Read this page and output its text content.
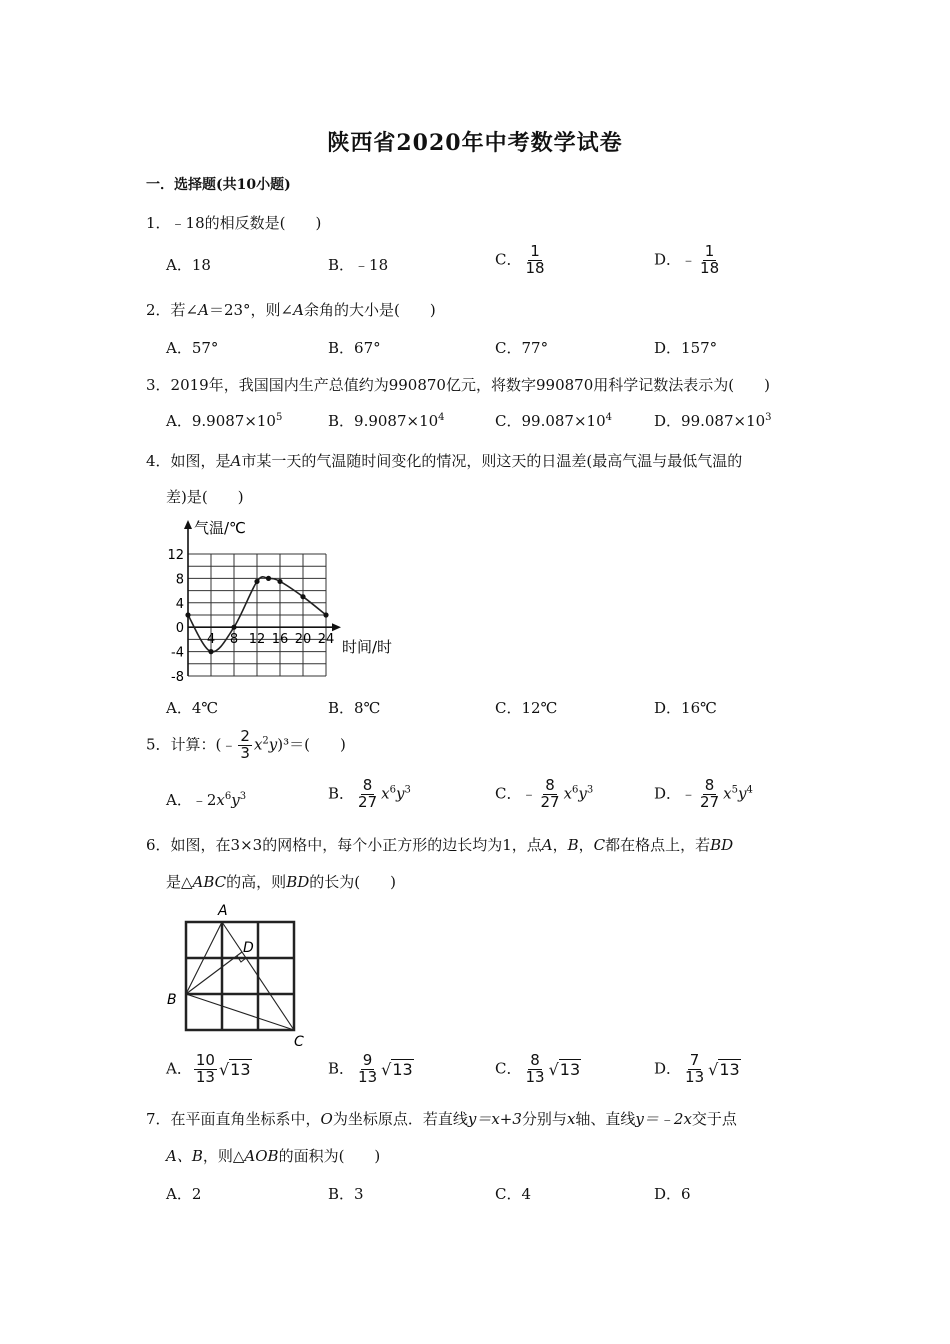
陕西省2020年中考数学试卷
一．选择题(共10小题)
1．﹣18的相反数是(　　)
A．18	B．﹣18	C． $\frac{1}{18}$	D．﹣ $\frac{1}{18}$
2．若∠A＝23°，则∠A余角的大小是(　　)
A．57°	B．67°	C．77°	D．157°
3．2019年，我国国内生产总值约为990870亿元，将数字990870用科学记数法表示为(　　)
A．$9.9087\times 10^5$	B．$9.9087\times 10^4$	C．$99.087\times 10^4$	D．$99.087\times 10^3$
4．如图，是A市某一天的气温随时间变化的情况，则这天的日温差(最高气温与最低气温的
差)是(　　)
气温/℃
时间/时
12
8
4
0
-4
-8
4 8 12 16 20 24
A．4℃	B．8℃	C．12℃	D．16℃
5．计算：(﹣ $\frac{2}{3} x^2y)^3=$(　　)
A．$﹣2x^6y^3$	B． $\frac{8}{27} x^6y^3$	C．﹣ $\frac{8}{27} x^6y^3$	D．﹣ $\frac{8}{27} x^5y^4$
6．如图，在3×3的网格中，每个小正方形的边长均为1，点A，B，C都在格点上，若BD
是△ABC的高，则BD的长为(　　)
A
D
B
C
A． $\frac{10}{13} √13$	B． $\frac{9}{13} √13$	C． $\frac{8}{13} √13$	D． $\frac{7}{13} √13$
7．在平面直角坐标系中，O为坐标原点．若直线y＝x+3分别与x轴、直线y＝﹣2x交于点
A、B，则△AOB的面积为(　　)
A．2	B．3	C．4	D．6
